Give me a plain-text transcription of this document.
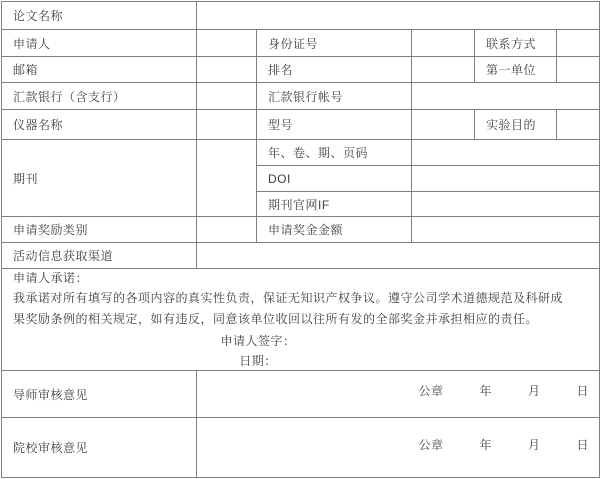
论文名称					
申请人		身份证号		联系方式	
邮箱		排名		第一单位	
汇款银行（含支行）		汇款银行帐号			
仪器名称		型号		实验目的	
期刊		年、卷、期、页码			
		DOI			
		期刊官网IF			
申请奖励类别		申请奖金金额			
活动信息获取渠道					

申请人承诺：
我承诺对所有填写的各项内容的真实性负责，保证无知识产权争议。遵守公司学术道德规范及科研成果奖励条例的相关规定，如有违反，同意该单位收回以往所有发的全部奖金并承担相应的责任。
申请人签字：
日期：					

导师审核意见	公章 年 月 日				

院校审核意见	公章 年 月 日				
